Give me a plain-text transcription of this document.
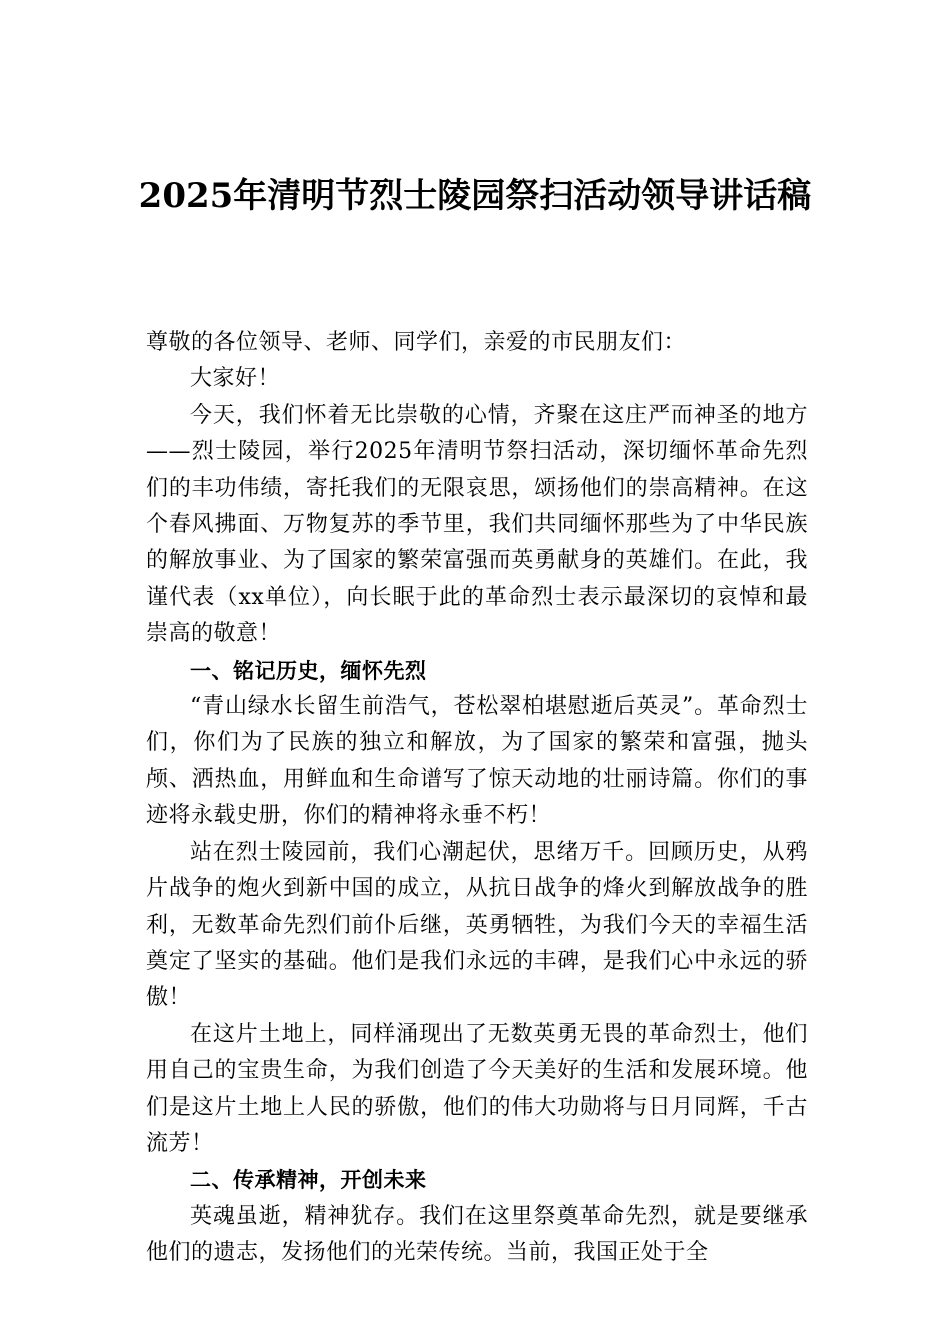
2025年清明节烈士陵园祭扫活动领导讲话稿

尊敬的各位领导、老师、同学们，亲爱的市民朋友们：

大家好！

今天，我们怀着无比崇敬的心情，齐聚在这庄严而神圣的地方——烈士陵园，举行2025年清明节祭扫活动，深切缅怀革命先烈们的丰功伟绩，寄托我们的无限哀思，颂扬他们的崇高精神。在这个春风拂面、万物复苏的季节里，我们共同缅怀那些为了中华民族的解放事业、为了国家的繁荣富强而英勇献身的英雄们。在此，我谨代表（xx单位），向长眠于此的革命烈士表示最深切的哀悼和最崇高的敬意！

一、铭记历史，缅怀先烈

“青山绿水长留生前浩气，苍松翠柏堪慰逝后英灵”。革命烈士们，你们为了民族的独立和解放，为了国家的繁荣和富强，抛头颅、洒热血，用鲜血和生命谱写了惊天动地的壮丽诗篇。你们的事迹将永载史册，你们的精神将永垂不朽！

站在烈士陵园前，我们心潮起伏，思绪万千。回顾历史，从鸦片战争的炮火到新中国的成立，从抗日战争的烽火到解放战争的胜利，无数革命先烈们前仆后继，英勇牺牲，为我们今天的幸福生活奠定了坚实的基础。他们是我们永远的丰碑，是我们心中永远的骄傲！

在这片土地上，同样涌现出了无数英勇无畏的革命烈士，他们用自己的宝贵生命，为我们创造了今天美好的生活和发展环境。他们是这片土地上人民的骄傲，他们的伟大功勋将与日月同辉，千古流芳！

二、传承精神，开创未来

英魂虽逝，精神犹存。我们在这里祭奠革命先烈，就是要继承他们的遗志，发扬他们的光荣传统。当前，我国正处于全
